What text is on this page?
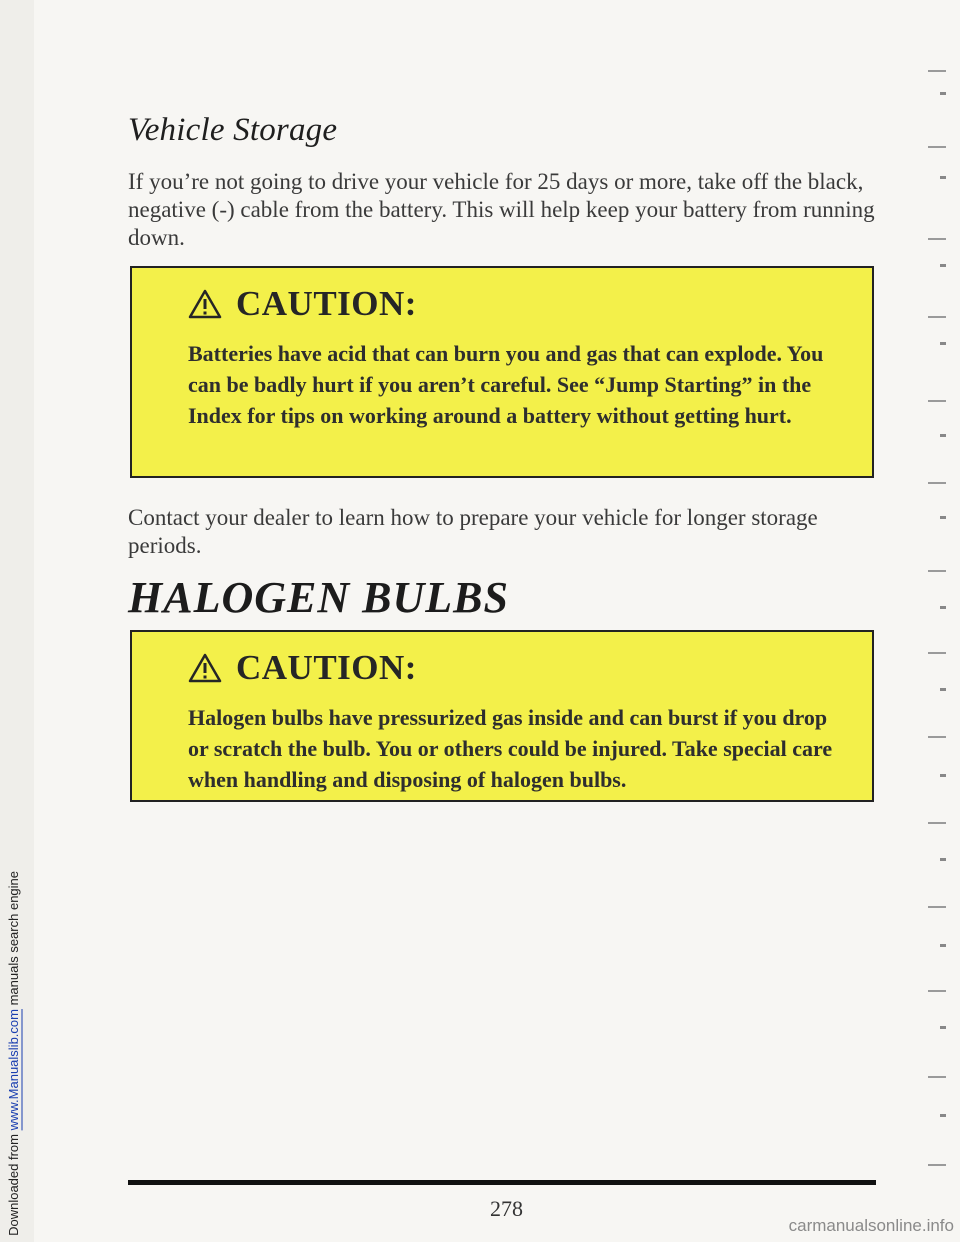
Downloaded from www.Manualslib.com manuals search engine
Vehicle Storage

If you’re not going to drive your vehicle for 25 days or more, take off the black, negative (-) cable from the battery. This will help keep your battery from running down.

CAUTION:

Batteries have acid that can burn you and gas that can explode. You can be badly hurt if you aren’t careful. See “Jump Starting” in the Index for tips on working around a battery without getting hurt.

Contact your dealer to learn how to prepare your vehicle for longer storage periods.

HALOGEN BULBS
CAUTION:

Halogen bulbs have pressurized gas inside and can burst if you drop or scratch the bulb. You or others could be injured. Take special care when handling and disposing of halogen bulbs.

278
carmanualsonline.info
